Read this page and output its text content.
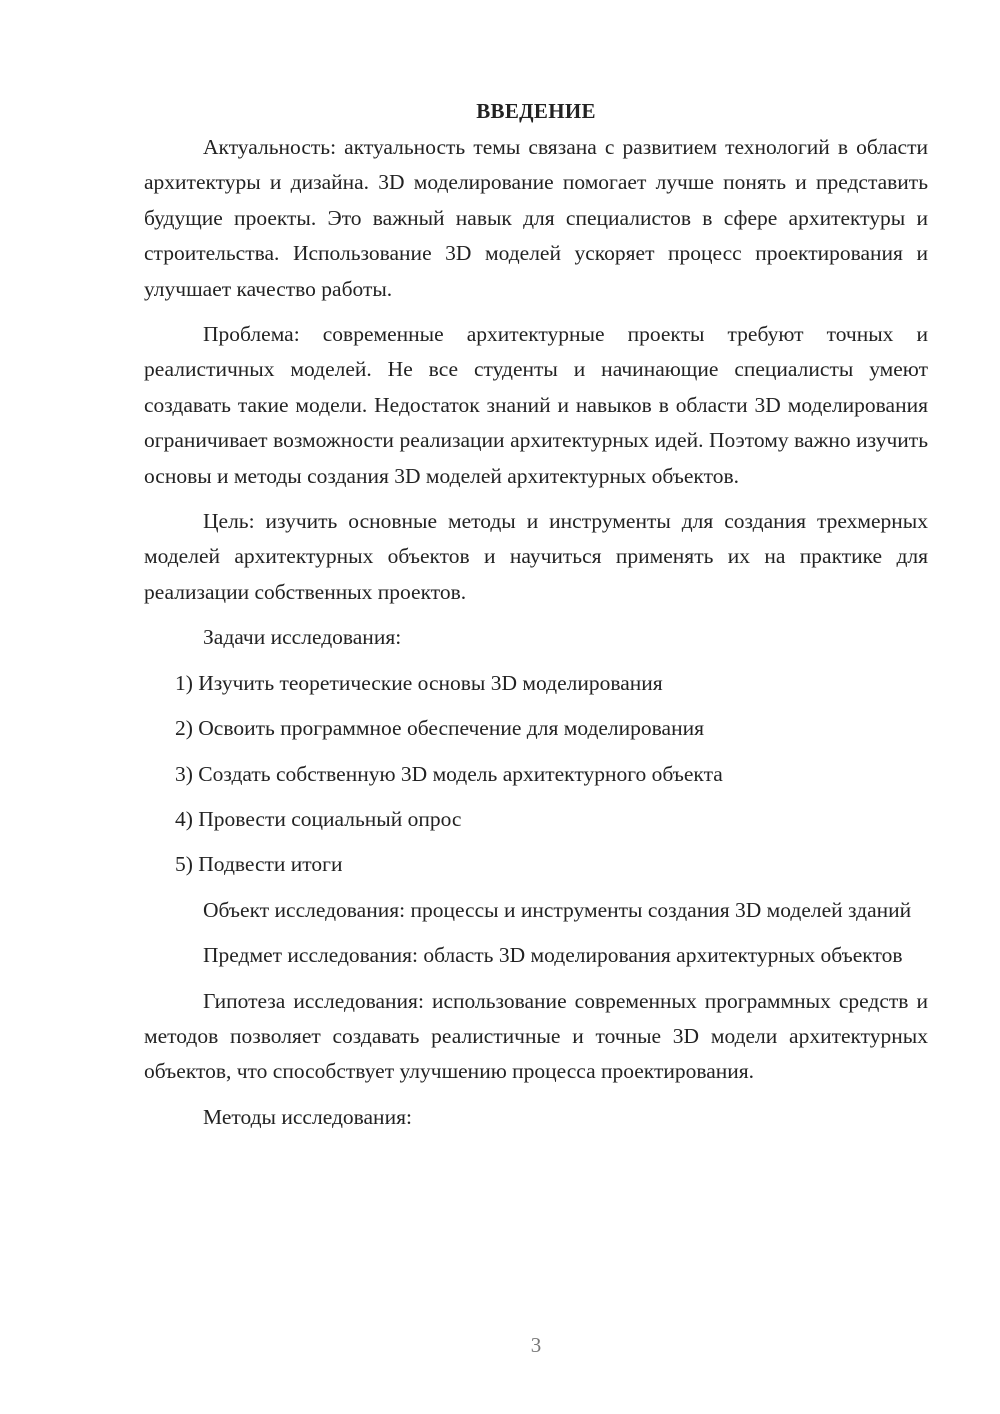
ВВЕДЕНИЕ

Актуальность: актуальность темы связана с развитием технологий в области архитектуры и дизайна. 3D моделирование помогает лучше понять и представить будущие проекты. Это важный навык для специалистов в сфере архитектуры и строительства. Использование 3D моделей ускоряет процесс проектирования и улучшает качество работы.

Проблема: современные архитектурные проекты требуют точных и реалистичных моделей. Не все студенты и начинающие специалисты умеют создавать такие модели. Недостаток знаний и навыков в области 3D моделирования ограничивает возможности реализации архитектурных идей. Поэтому важно изучить основы и методы создания 3D моделей архитектурных объектов.

Цель: изучить основные методы и инструменты для создания трехмерных моделей архитектурных объектов и научиться применять их на практике для реализации собственных проектов.

Задачи исследования:

1) Изучить теоретические основы 3D моделирования
2) Освоить программное обеспечение для моделирования
3) Создать собственную 3D модель архитектурного объекта
4) Провести социальный опрос
5) Подвести итоги

Объект исследования: процессы и инструменты создания 3D моделей зданий

Предмет исследования: область 3D моделирования архитектурных объектов

Гипотеза исследования: использование современных программных средств и методов позволяет создавать реалистичные и точные 3D модели архитектурных объектов, что способствует улучшению процесса проектирования.

Методы исследования:

3
